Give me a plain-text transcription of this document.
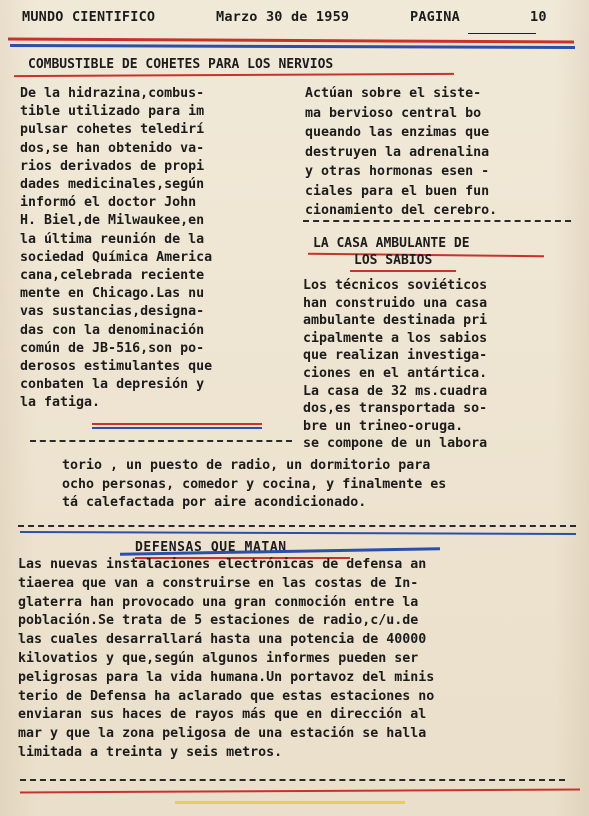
MUNDO CIENTIFICO	Marzo 30 de 1959	PAGINA	10
COMBUSTIBLE DE COHETES PARA LOS NERVIOS
De la hidrazina,combus-
tible utilizado para im
pulsar cohetes teledirí
dos,se han obtenido va-
rios derivados de propi
dades medicinales,según
informó el doctor John
H. Biel,de Milwaukee,en
la última reunión de la
sociedad Química America
cana,celebrada reciente
mente en Chicago.Las nu
vas sustancias,designa-
das con la denominación
común de JB-516,son po-
derosos estimulantes que
conbaten la depresión y
la fatiga.
Actúan sobre el siste-
ma bervioso central bo
queando las enzimas que
destruyen la adrenalina
y otras hormonas esen -
ciales para el buen fun
cionamiento del cerebro.
LA CASA AMBULANTE DE
LOS SABIOS
Los técnicos soviéticos
han construido una casa
ambulante destinada pri
cipalmente a los sabios
que realizan investiga-
ciones en el antártica.
La casa de 32 ms.cuadra
dos,es transportada so-
bre un trineo-oruga.
se compone de un labora
torio , un puesto de radio, un dormitorio para
ocho personas, comedor y cocina, y finalmente es
tá calefactada por aire acondicionado.
DEFENSAS QUE MATAN
Las nuevas instalaciones electrónicas de defensa an
tiaerea que van a construirse en las costas de In-
glaterra han provocado una gran conmoción entre la
población.Se trata de 5 estaciones de radio,c/u.de
las cuales desarrallará hasta una potencia de 40000
kilovatios y que,según algunos informes pueden ser
peligrosas para la vida humana.Un portavoz del minis
terio de Defensa ha aclarado que estas estaciones no
enviaran sus haces de rayos más que en dirección al
mar y que la zona peligosa de una estación se halla
limitada a treinta y seis metros.
